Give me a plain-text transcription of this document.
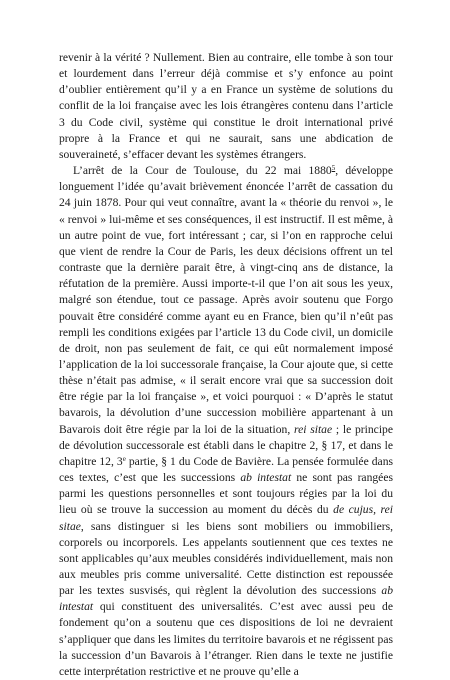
revenir à la vérité ? Nullement. Bien au contraire, elle tombe à son tour et lourdement dans l’erreur déjà commise et s’y enfonce au point d’oublier entièrement qu’il y a en France un système de solutions du conflit de la loi française avec les lois étrangères contenu dans l’article 3 du Code civil, système qui constitue le droit international privé propre à la France et qui ne saurait, sans une abdication de souveraineté, s’effacer devant les systèmes étrangers.

L’arrêt de la Cour de Toulouse, du 22 mai 1880$^5$, développe longuement l’idée qu’avait brièvement énoncée l’arrêt de cassation du 24 juin 1878. Pour qui veut connaître, avant la « théorie du renvoi », le « renvoi » lui-même et ses conséquences, il est instructif. Il est même, à un autre point de vue, fort intéressant ; car, si l’on en rapproche celui que vient de rendre la Cour de Paris, les deux décisions offrent un tel contraste que la dernière parait être, à vingt-cinq ans de distance, la réfutation de la première. Aussi importe-t-il que l’on ait sous les yeux, malgré son étendue, tout ce passage. Après avoir soutenu que Forgo pouvait être considéré comme ayant eu en France, bien qu’il n’eût pas rempli les conditions exigées par l’article 13 du Code civil, un domicile de droit, non pas seulement de fait, ce qui eût normalement imposé l’application de la loi successorale française, la Cour ajoute que, si cette thèse n’était pas admise, « il serait encore vrai que sa succession doit être régie par la loi française », et voici pourquoi : « D’après le statut bavarois, la dévolution d’une succession mobilière appartenant à un Bavarois doit être régie par la loi de la situation, rei sitae ; le principe de dévolution successorale est établi dans le chapitre 2, § 17, et dans le chapitre 12, 3e partie, § 1 du Code de Bavière. La pensée formulée dans ces textes, c’est que les successions ab intestat ne sont pas rangées parmi les questions personnelles et sont toujours régies par la loi du lieu où se trouve la succession au moment du décès du de cujus, rei sitae, sans distinguer si les biens sont mobiliers ou immobiliers, corporels ou incorporels. Les appelants soutiennent que ces textes ne sont applicables qu’aux meubles considérés individuellement, mais non aux meubles pris comme universalité. Cette distinction est repoussée par les textes susvisés, qui règlent la dévolution des successions ab intestat qui constituent des universalités. C’est avec aussi peu de fondement qu’on a soutenu que ces dispositions de loi ne devraient s’appliquer que dans les limites du territoire bavarois et ne régissent pas la succession d’un Bavarois à l’étranger. Rien dans le texte ne justifie cette interprétation restrictive et ne prouve qu’elle a
